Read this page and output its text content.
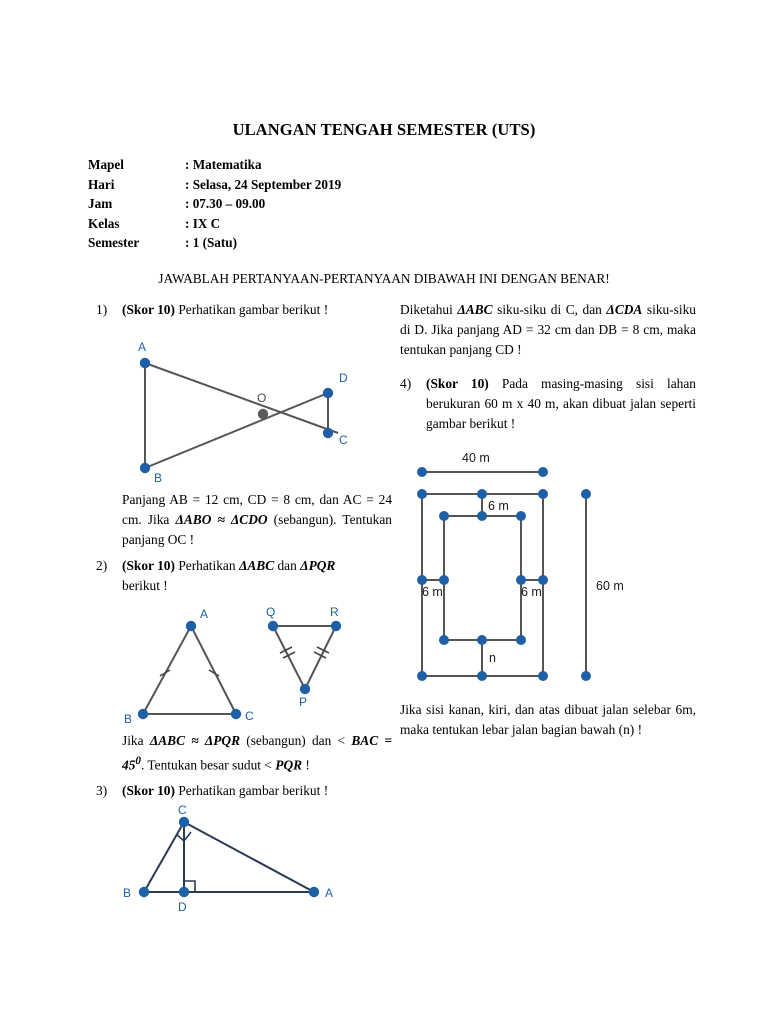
ULANGAN TENGAH SEMESTER (UTS)
Mapel	: Matematika
Hari	: Selasa, 24 September 2019
Jam	: 07.30 – 09.00
Kelas	: IX C
Semester	: 1 (Satu)
JAWABLAH PERTANYAAN-PERTANYAAN DIBAWAH INI DENGAN BENAR!
1)	(Skor 10) Perhatikan gambar berikut !
A
B
C
D
O
Panjang AB = 12 cm, CD = 8 cm, dan AC = 24 cm. Jika ΔABO ≈ ΔCDO (sebangun). Tentukan panjang OC !
2)	(Skor 10) Perhatikan ΔABC dan ΔPQR
berikut !
A
B	C
Q	R
P
Jika ΔABC ≈ ΔPQR (sebangun) dan < BAC = $45^0$. Tentukan besar sudut < PQR !
3)	(Skor 10) Perhatikan gambar berikut !
B
D
A
C
Diketahui ΔABC siku-siku di C, dan ΔCDA siku-siku di D. Jika panjang AD = 32 cm dan DB = 8 cm, maka tentukan panjang CD !
4)	(Skor 10) Pada masing-masing sisi lahan berukuran 60 m x 40 m, akan dibuat jalan seperti gambar berikut !
40 m
6 m
6 m	6 m
n
60 m
Jika sisi kanan, kiri, dan atas dibuat jalan selebar 6m, maka tentukan lebar jalan bagian bawah (n) !
